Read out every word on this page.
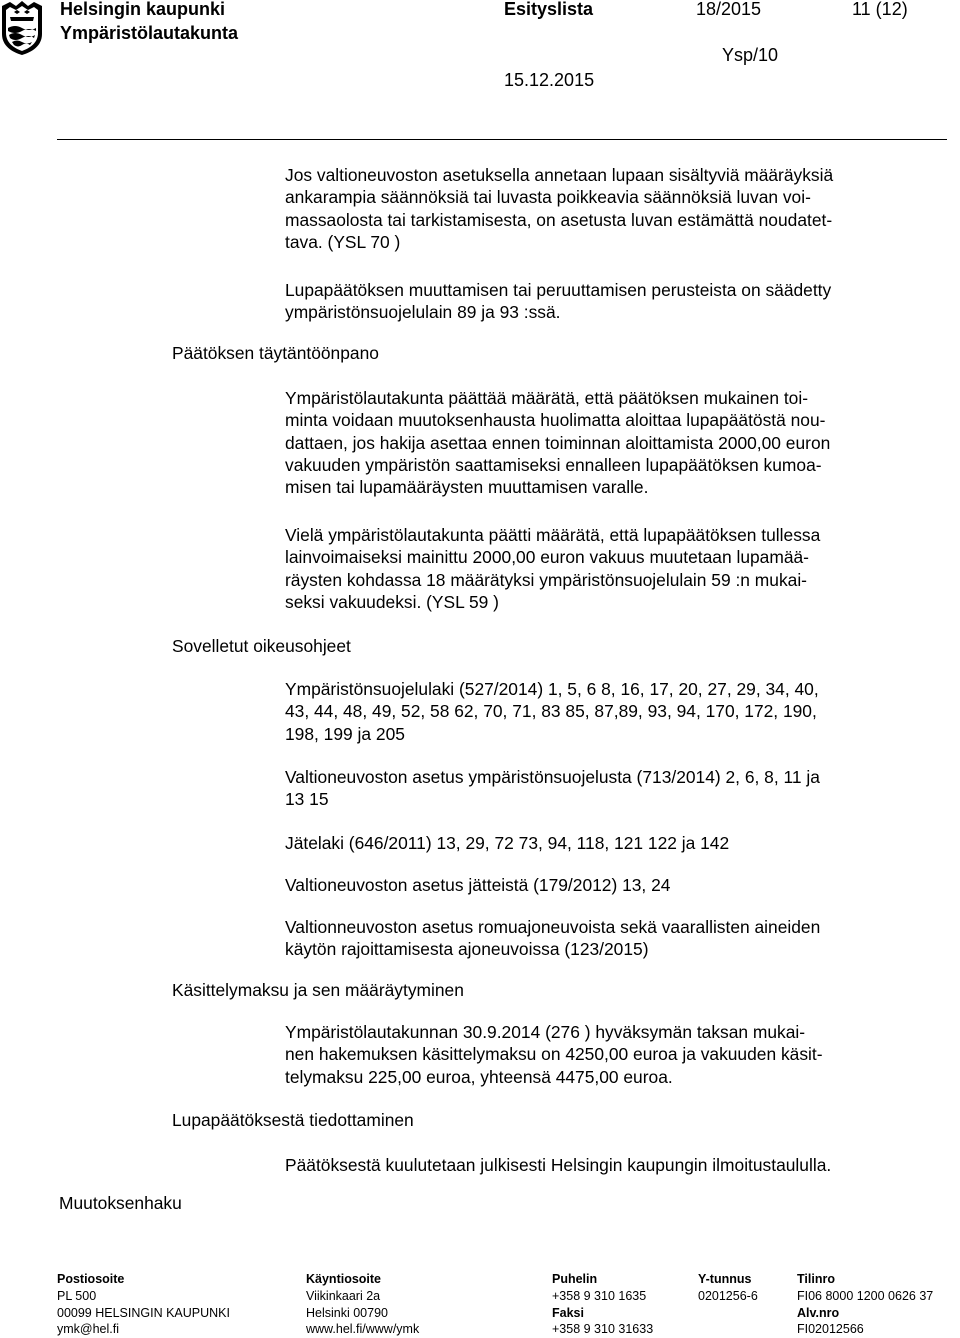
Helsingin kaupunki
Ympäristölautakunta
Esityslista	18/2015	11 (12)
Ysp/10
15.12.2015
Päätöksen täytäntöönpano
Sovelletut oikeusohjeet
Käsittelymaksu ja sen määräytyminen
Lupapäätöksestä tiedottaminen
Muutoksenhaku

Jos valtioneuvoston asetuksella annetaan lupaan sisältyviä määräyksiä

ankarampia säännöksiä tai luvasta poikkeavia säännöksiä luvan voi-

massaolosta tai tarkistamisesta, on asetusta luvan estämättä noudatet-

tava. (YSL 70 )

Lupapäätöksen muuttamisen tai peruuttamisen perusteista on säädetty

ympäristönsuojelulain 89 ja 93 :ssä.

Ympäristölautakunta päättää määrätä, että päätöksen mukainen toi-

minta voidaan muutoksenhausta huolimatta aloittaa lupapäätöstä nou-

dattaen, jos hakija asettaa ennen toiminnan aloittamista 2000,00 euron

vakuuden ympäristön saattamiseksi ennalleen lupapäätöksen kumoa-

misen tai lupamääräysten muuttamisen varalle.

Vielä ympäristölautakunta päätti määrätä, että lupapäätöksen tullessa

lainvoimaiseksi mainittu 2000,00 euron vakuus muutetaan lupamää-

räysten kohdassa 18 määrätyksi ympäristönsuojelulain 59 :n mukai-

seksi vakuudeksi. (YSL 59 )

Ympäristönsuojelulaki (527/2014) 1, 5, 6 8, 16, 17, 20, 27, 29, 34, 40,

43, 44, 48, 49, 52, 58 62, 70, 71, 83 85, 87,89, 93, 94, 170, 172, 190,

198, 199 ja 205

Valtioneuvoston asetus ympäristönsuojelusta (713/2014) 2, 6, 8, 11 ja

13 15

Jätelaki (646/2011) 13, 29, 72 73, 94, 118, 121 122 ja 142

Valtioneuvoston asetus jätteistä (179/2012) 13, 24

Valtionneuvoston asetus romuajoneuvoista sekä vaarallisten aineiden

käytön rajoittamisesta ajoneuvoissa (123/2015)

Ympäristölautakunnan 30.9.2014 (276 ) hyväksymän taksan mukai-

nen hakemuksen käsittelymaksu on 4250,00 euroa ja vakuuden käsit-

telymaksu 225,00 euroa, yhteensä 4475,00 euroa.

Päätöksestä kuulutetaan julkisesti Helsingin kaupungin ilmoitustaululla.

Postiosoite
PL 500
00099 HELSINGIN KAUPUNKI
ymk@hel.fi
Käyntiosoite
Viikinkaari 2a
Helsinki 00790
www.hel.fi/www/ymk
Puhelin
+358 9 310 1635
Faksi
+358 9 310 31633
Y-tunnus
0201256-6
Tilinro
FI06 8000 1200 0626 37
Alv.nro
FI02012566
